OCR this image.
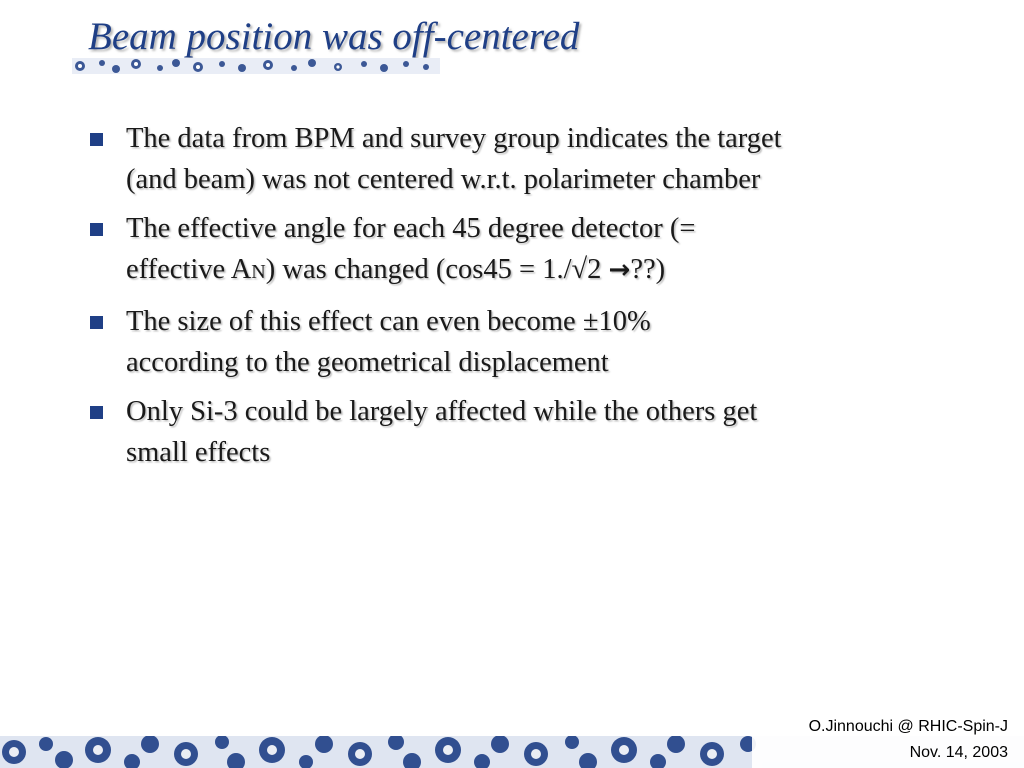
Beam position was off-centered
The data from BPM and survey group indicates the target
(and beam) was not centered w.r.t. polarimeter chamber
The effective angle for each 45 degree detector (=
effective AN) was changed (cos45 = 1./√2 →??)
The size of this effect can even become ±10%
according to the geometrical displacement
Only Si-3 could be largely affected while the others get
small effects
O.Jinnouchi @ RHIC-Spin-J
Nov. 14, 2003
